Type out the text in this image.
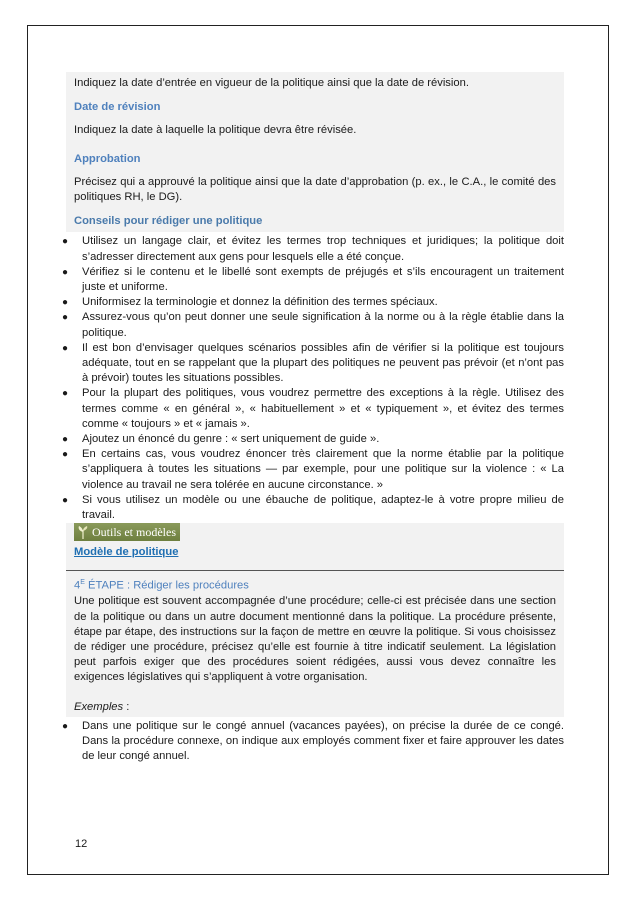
Indiquez la date d’entrée en vigueur de la politique ainsi que la date de révision.

Date de révision

Indiquez la date à laquelle la politique devra être révisée.

Approbation

Précisez qui a approuvé la politique ainsi que la date d’approbation (p. ex., le C.A., le comité des politiques RH, le DG).

Conseils pour rédiger une politique

● Utilisez un langage clair, et évitez les termes trop techniques et juridiques; la politique doit s’adresser directement aux gens pour lesquels elle a été conçue.
● Vérifiez si le contenu et le libellé sont exempts de préjugés et s’ils encouragent un traitement juste et uniforme.
● Uniformisez la terminologie et donnez la définition des termes spéciaux.
● Assurez-vous qu’on peut donner une seule signification à la norme ou à la règle établie dans la politique.
● Il est bon d’envisager quelques scénarios possibles afin de vérifier si la politique est toujours adéquate, tout en se rappelant que la plupart des politiques ne peuvent pas prévoir (et n’ont pas à prévoir) toutes les situations possibles.
● Pour la plupart des politiques, vous voudrez permettre des exceptions à la règle. Utilisez des termes comme « en général », « habituellement » et « typiquement », et évitez des termes comme « toujours » et « jamais ».
● Ajoutez un énoncé du genre : « sert uniquement de guide ».
● En certains cas, vous voudrez énoncer très clairement que la norme établie par la politique s’appliquera à toutes les situations — par exemple, pour une politique sur la violence : « La violence au travail ne sera tolérée en aucune circonstance. »
● Si vous utilisez un modèle ou une ébauche de politique, adaptez-le à votre propre milieu de travail.
Outils et modèles
Modèle de politique

$4^E$ ÉTAPE : Rédiger les procédures

Une politique est souvent accompagnée d’une procédure; celle-ci est précisée dans une section de la politique ou dans un autre document mentionné dans la politique. La procédure présente, étape par étape, des instructions sur la façon de mettre en œuvre la politique. Si vous choisissez de rédiger une procédure, précisez qu’elle est fournie à titre indicatif seulement. La législation peut parfois exiger que des procédures soient rédigées, aussi vous devez connaître les exigences législatives qui s’appliquent à votre organisation.

Exemples :

● Dans une politique sur le congé annuel (vacances payées), on précise la durée de ce congé. Dans la procédure connexe, on indique aux employés comment fixer et faire approuver les dates de leur congé annuel.
12
